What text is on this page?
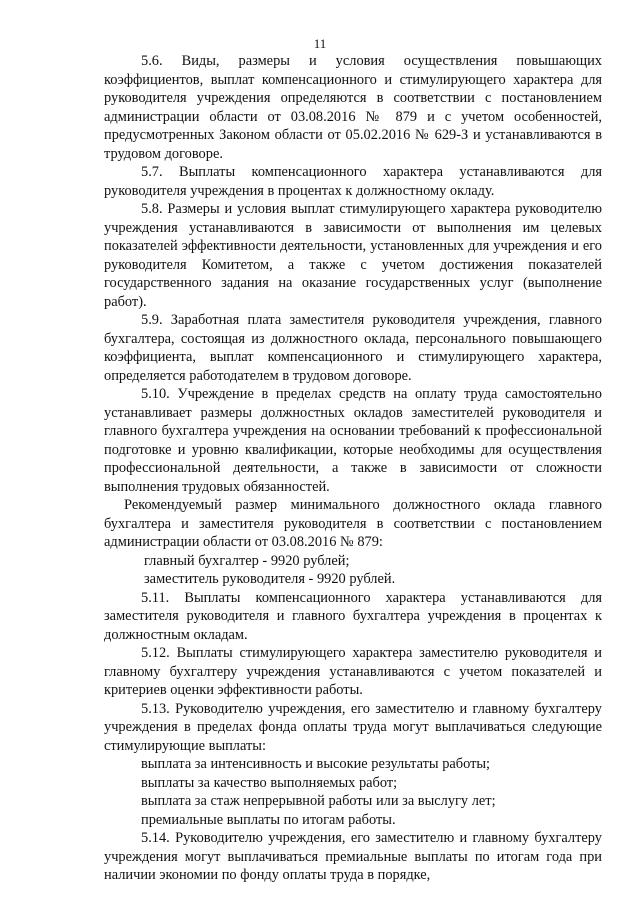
11

5.6. Виды, размеры и условия осуществления повышающих коэффициентов, выплат компенсационного и стимулирующего характера для руководителя учреждения определяются в соответствии с постановлением администрации области от 03.08.2016 № 879 и с учетом особенностей, предусмотренных Законом области от 05.02.2016 № 629-З и устанавливаются в трудовом договоре.

5.7. Выплаты компенсационного характера устанавливаются для руководителя учреждения в процентах к должностному окладу.

5.8. Размеры и условия выплат стимулирующего характера руководителю учреждения устанавливаются в зависимости от выполнения им целевых показателей эффективности деятельности, установленных для учреждения и его руководителя Комитетом, а также с учетом достижения показателей государственного задания на оказание государственных услуг (выполнение работ).

5.9. Заработная плата заместителя руководителя учреждения, главного бухгалтера, состоящая из должностного оклада, персонального повышающего коэффициента, выплат компенсационного и стимулирующего характера, определяется работодателем в трудовом договоре.

5.10. Учреждение в пределах средств на оплату труда самостоятельно устанавливает размеры должностных окладов заместителей руководителя и главного бухгалтера учреждения на основании требований к профессиональной подготовке и уровню квалификации, которые необходимы для осуществления профессиональной деятельности, а также в зависимости от сложности выполнения трудовых обязанностей.

Рекомендуемый размер минимального должностного оклада главного бухгалтера и заместителя руководителя в соответствии с постановлением администрации области от 03.08.2016 № 879:

главный бухгалтер - 9920 рублей;

заместитель руководителя - 9920 рублей.

5.11. Выплаты компенсационного характера устанавливаются для заместителя руководителя и главного бухгалтера учреждения в процентах к должностным окладам.

5.12. Выплаты стимулирующего характера заместителю руководителя и главному бухгалтеру учреждения устанавливаются с учетом показателей и критериев оценки эффективности работы.

5.13. Руководителю учреждения, его заместителю и главному бухгалтеру учреждения в пределах фонда оплаты труда могут выплачиваться следующие стимулирующие выплаты:

выплата за интенсивность и высокие результаты работы;

выплаты за качество выполняемых работ;

выплата за стаж непрерывной работы или за выслугу лет;

премиальные выплаты по итогам работы.

5.14. Руководителю учреждения, его заместителю и главному бухгалтеру учреждения могут выплачиваться премиальные выплаты по итогам года при наличии экономии по фонду оплаты труда в порядке,
